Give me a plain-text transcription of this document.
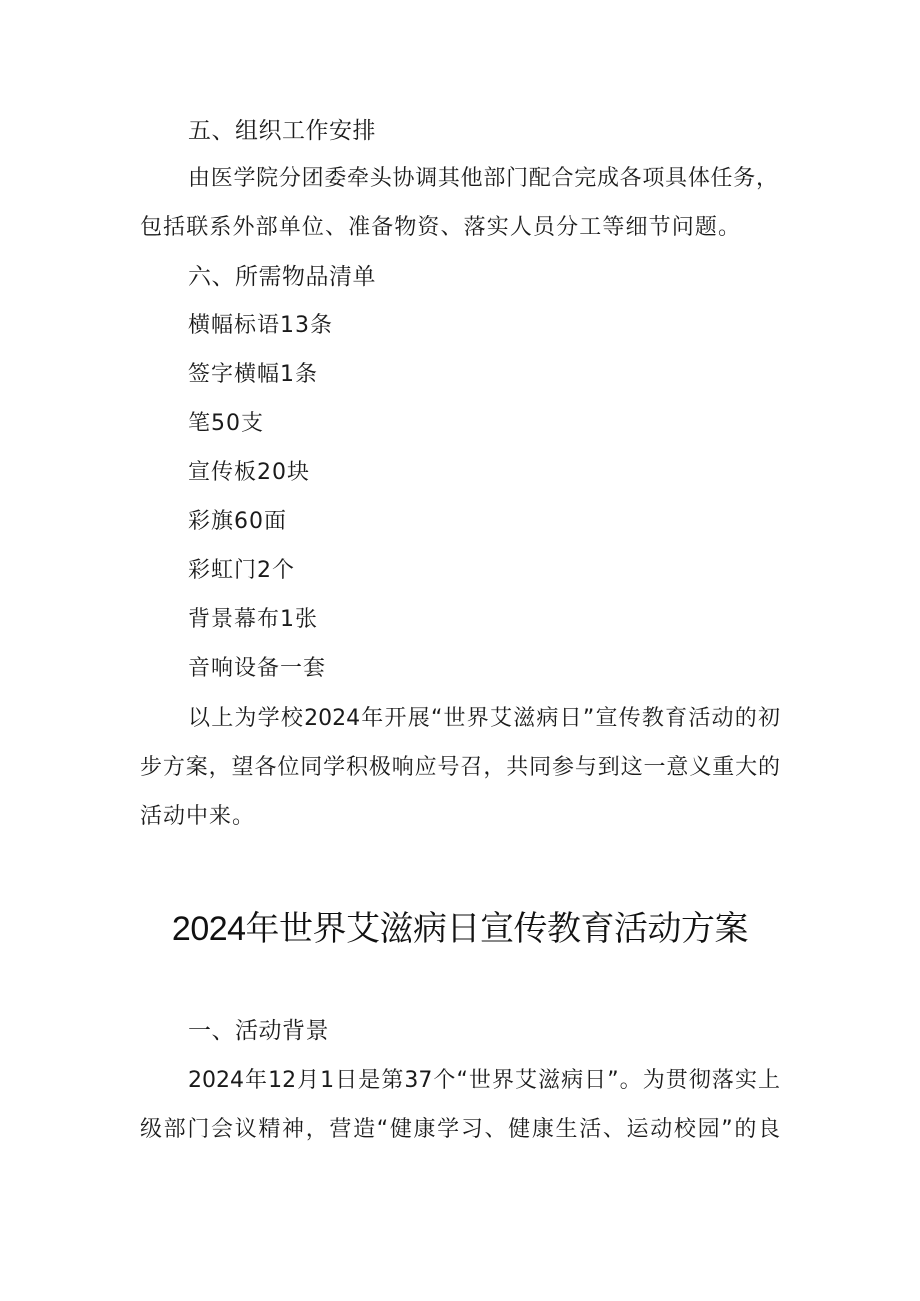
五、组织工作安排
由医学院分团委牵头协调其他部门配合完成各项具体任务，
包括联系外部单位、准备物资、落实人员分工等细节问题。
六、所需物品清单
横幅标语13条
签字横幅1条
笔50支
宣传板20块
彩旗60面
彩虹门2个
背景幕布1张
音响设备一套
以上为学校2024年开展“世界艾滋病日”宣传教育活动的初
步方案，望各位同学积极响应号召，共同参与到这一意义重大的
活动中来。
2024年世界艾滋病日宣传教育活动方案
一、活动背景
2024年12月1日是第37个“世界艾滋病日”。为贯彻落实上
级部门会议精神，营造“健康学习、健康生活、运动校园”的良
